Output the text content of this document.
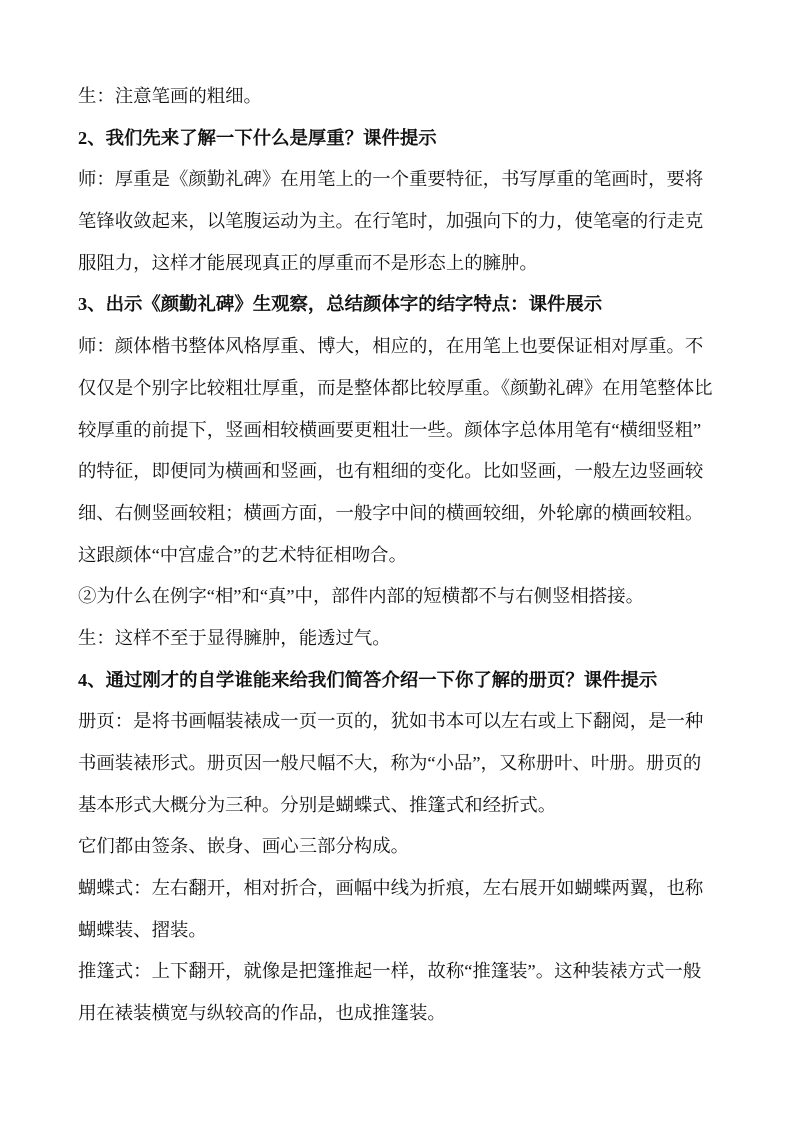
生：注意笔画的粗细。
2、我们先来了解一下什么是厚重？课件提示
师：厚重是《颜勤礼碑》在用笔上的一个重要特征，书写厚重的笔画时，要将
笔锋收敛起来，以笔腹运动为主。在行笔时，加强向下的力，使笔毫的行走克
服阻力，这样才能展现真正的厚重而不是形态上的臃肿。
3、出示《颜勤礼碑》生观察，总结颜体字的结字特点：课件展示
师：颜体楷书整体风格厚重、博大，相应的，在用笔上也要保证相对厚重。不
仅仅是个别字比较粗壮厚重，而是整体都比较厚重。《颜勤礼碑》在用笔整体比
较厚重的前提下，竖画相较横画要更粗壮一些。颜体字总体用笔有“横细竖粗”
的特征，即便同为横画和竖画，也有粗细的变化。比如竖画，一般左边竖画较
细、右侧竖画较粗；横画方面，一般字中间的横画较细，外轮廓的横画较粗。
这跟颜体“中宫虚合”的艺术特征相吻合。
②为什么在例字“相”和“真”中，部件内部的短横都不与右侧竖相搭接。
生：这样不至于显得臃肿，能透过气。
4、通过刚才的自学谁能来给我们简答介绍一下你了解的册页？课件提示
册页：是将书画幅装裱成一页一页的，犹如书本可以左右或上下翻阅，是一种
书画装裱形式。册页因一般尺幅不大，称为“小品”，又称册叶、叶册。册页的
基本形式大概分为三种。分别是蝴蝶式、推篷式和经折式。
它们都由签条、嵌身、画心三部分构成。
蝴蝶式：左右翻开，相对折合，画幅中线为折痕，左右展开如蝴蝶两翼，也称
蝴蝶装、摺装。
推篷式：上下翻开，就像是把篷推起一样，故称“推篷装”。这种装裱方式一般
用在裱装横宽与纵较高的作品，也成推篷装。
